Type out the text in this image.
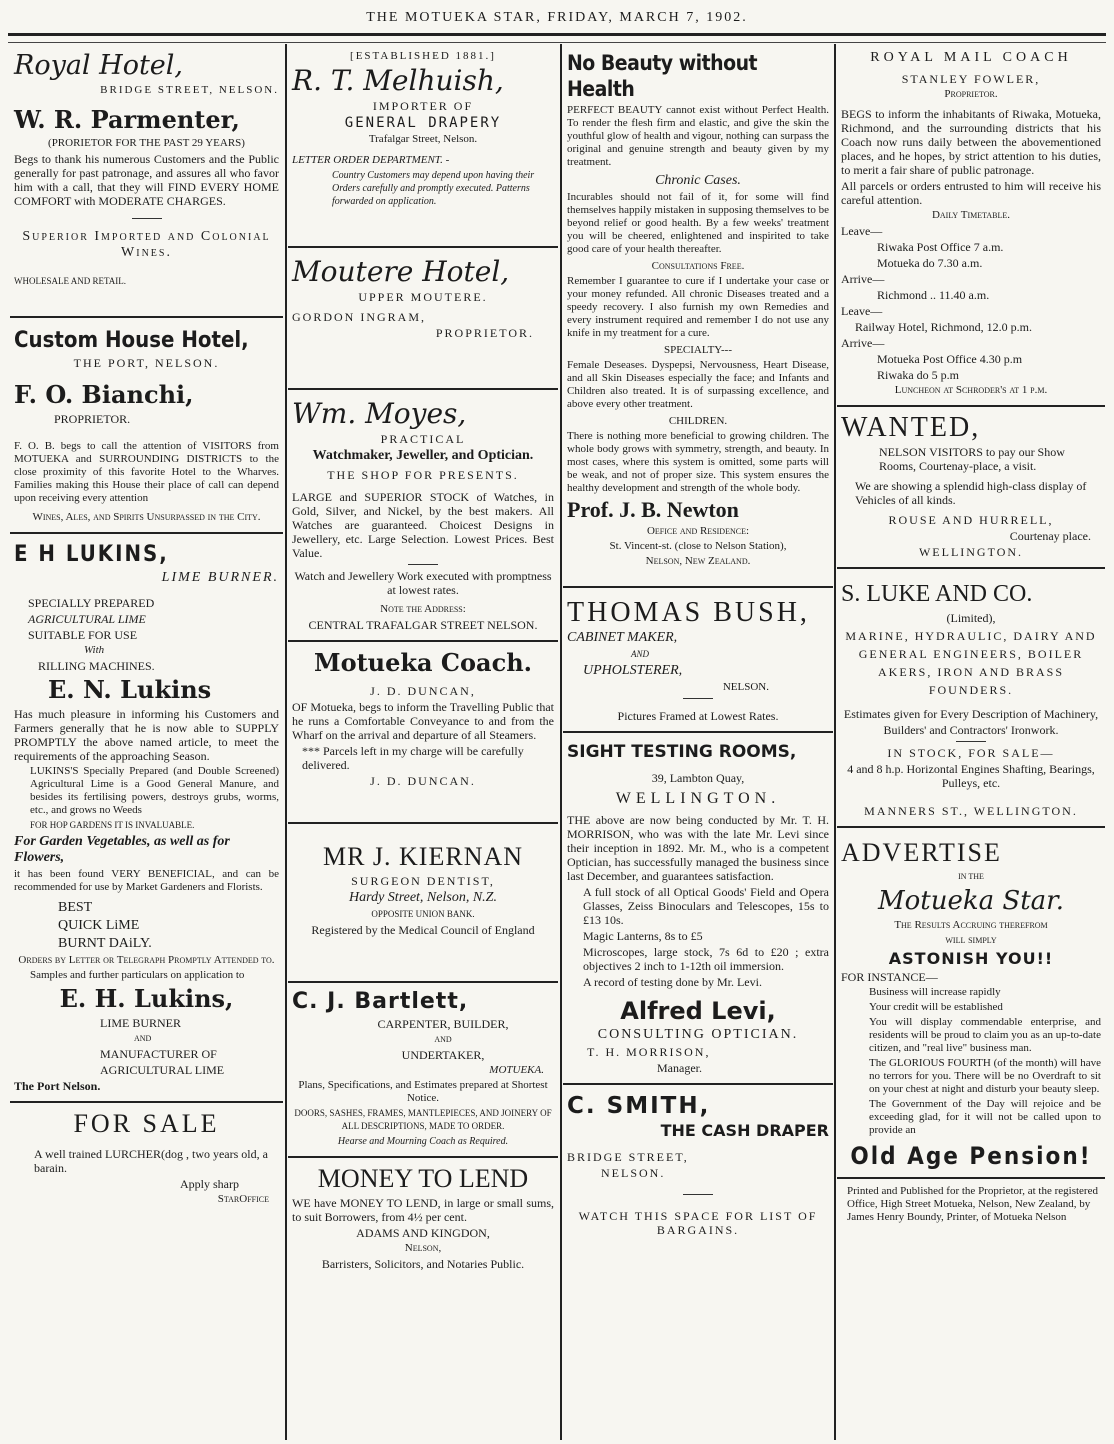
THE MOTUEKA STAR, FRIDAY, MARCH 7, 1902.

Royal Hotel,

BRIDGE STREET, NELSON.

W. R. Parmenter,

(PRORIETOR FOR THE PAST 29 YEARS)

Begs to thank his numerous Customers and the Public generally for past patronage, and assures all who favor him with a call, that they will FIND EVERY HOME COMFORT with MODERATE CHARGES.

Superior Imported and Colonial Wines.

WHOLESALE AND RETAIL.

Custom House Hotel,

THE PORT, NELSON.

F. O. Bianchi,

PROPRIETOR.

F. O. B. begs to call the attention of VISITORS from MOTUEKA and SURROUNDING DISTRICTS to the close proximity of this favorite Hotel to the Wharves. Families making this House their place of call can depend upon receiving every attention

Wines, Ales, and Spirits Unsurpassed in the City.

E H LUKINS,

LIME BURNER.

SPECIALLY PREPARED

AGRICULTURAL LIME

SUITABLE FOR USE

With

RILLING MACHINES.

E. N. Lukins

Has much pleasure in informing his Customers and Farmers generally that he is now able to SUPPLY PROMPTLY the above named article, to meet the requirements of the approaching Season.

LUKINS'S Specially Prepared (and Double Screened) Agricultural Lime is a Good General Manure, and besides its fertilising powers, destroys grubs, worms, etc., and grows no Weeds

FOR HOP GARDENS IT IS INVALUABLE.

For Garden Vegetables, as well as for Flowers,

it has been found VERY BENEFICIAL, and can be recommended for use by Market Gardeners and Florists.

BEST

QUICK LiME

BURNT DAiLY.

Orders by Letter or Telegraph Promptly Attended to.

Samples and further particulars on application to

E. H. Lukins,

LIME BURNER

AND

MANUFACTURER OF

AGRICULTURAL LIME

The Port Nelson.

FOR SALE

A well trained LURCHER(dog , two years old, a barain.

Apply sharp

StarOffice

[ESTABLISHED 1881.]

R. T. Melhuish,

IMPORTER OF

GENERAL DRAPERY

Trafalgar Street, Nelson.

LETTER ORDER DEPARTMENT. -

Country Customers may depend upon having their Orders carefully and promptly executed. Patterns forwarded on application.

Moutere Hotel,

UPPER MOUTERE.

GORDON INGRAM,

PROPRIETOR.

Wm. Moyes,

PRACTICAL

Watchmaker, Jeweller, and Optician.

THE SHOP FOR PRESENTS.

LARGE and SUPERIOR STOCK of Watches, in Gold, Silver, and Nickel, by the best makers. All Watches are guaranteed. Choicest Designs in Jewellery, etc. Large Selection. Lowest Prices. Best Value.

Watch and Jewellery Work executed with promptness at lowest rates.

Note the Address:

CENTRAL TRAFALGAR STREET NELSON.

Motueka Coach.

J. D. DUNCAN,

OF Motueka, begs to inform the Travelling Public that he runs a Comfortable Conveyance to and from the Wharf on the arrival and departure of all Steamers.

*** Parcels left in my charge will be carefully delivered.

J. D. DUNCAN.

MR J. KIERNAN

SURGEON DENTIST,

Hardy Street, Nelson, N.Z.

OPPOSITE UNION BANK.

Registered by the Medical Council of England

C. J. Bartlett,

CARPENTER, BUILDER,

AND

UNDERTAKER,

MOTUEKA.

Plans, Specifications, and Estimates prepared at Shortest Notice.

DOORS, SASHES, FRAMES, MANTLEPIECES, AND JOINERY OF ALL DESCRIPTIONS, MADE TO ORDER.

Hearse and Mourning Coach as Required.

MONEY TO LEND

WE have MONEY TO LEND, in large or small sums, to suit Borrowers, from 4½ per cent.

ADAMS AND KINGDON,

Nelson,

Barristers, Solicitors, and Notaries Public.

No Beauty without Health

PERFECT BEAUTY cannot exist without Perfect Health. To render the flesh firm and elastic, and give the skin the youthful glow of health and vigour, nothing can surpass the original and genuine strength and beauty given by my treatment.

Chronic Cases.

Incurables should not fail of it, for some will find themselves happily mistaken in supposing themselves to be beyond relief or good health. By a few weeks' treatment you will be cheered, enlightened and inspirited to take good care of your health thereafter.

Consultations Free.

Remember I guarantee to cure if I undertake your case or your money refunded. All chronic Diseases treated and a speedy recovery. I also furnish my own Remedies and every instrument required and remember I do not use any knife in my treatment for a cure.

SPECIALTY---

Female Deseases. Dyspepsi, Nervousness, Heart Disease, and all Skin Diseases especially the face; and Infants and Children also treated. It is of surpassing excellence, and above every other treatment.

CHILDREN.

There is nothing more beneficial to growing children. The whole body grows with symmetry, strength, and beauty. In most cases, where this system is omitted, some parts will be weak, and not of proper size. This system ensures the healthy development and strength of the whole body.

Prof. J. B. Newton

Oefice and Residence:

St. Vincent-st. (close to Nelson Station),

Nelson, New Zealand.

THOMAS BUSH,

CABINET MAKER,

AND

UPHOLSTERER,

NELSON.

Pictures Framed at Lowest Rates.

SIGHT TESTING ROOMS,

39, Lambton Quay,

WELLINGTON.

THE above are now being conducted by Mr. T. H. MORRISON, who was with the late Mr. Levi since their inception in 1892. Mr. M., who is a competent Optician, has successfully managed the business since last December, and guarantees satisfaction.

A full stock of all Optical Goods' Field and Opera Glasses, Zeiss Binoculars and Telescopes, 15s to £13 10s.

Magic Lanterns, 8s to £5

Microscopes, large stock, 7s 6d to £20 ; extra objectives 2 inch to 1-12th oil immersion.

A record of testing done by Mr. Levi.

Alfred Levi,

CONSULTING OPTICIAN.

T. H. MORRISON,

Manager.

C. SMITH,

THE CASH DRAPER

BRIDGE STREET,

NELSON.

WATCH THIS SPACE FOR LIST OF BARGAINS.

ROYAL MAIL COACH

STANLEY FOWLER,

Proprietor.

BEGS to inform the inhabitants of Riwaka, Motueka, Richmond, and the surrounding districts that his Coach now runs daily between the abovementioned places, and he hopes, by strict attention to his duties, to merit a fair share of public patronage.

All parcels or orders entrusted to him will receive his careful attention.

Daily Timetable.

Leave—

Riwaka Post Office 7 a.m.

Motueka do 7.30 a.m.

Arrive—

Richmond .. 11.40 a.m.

Leave—

Railway Hotel, Richmond, 12.0 p.m.

Arrive—

Motueka Post Office 4.30 p.m

Riwaka do 5 p.m

Luncheon at Schroder's at 1 p.m.

WANTED,

NELSON VISITORS to pay our Show Rooms, Courtenay-place, a visit.

We are showing a splendid high-class display of Vehicles of all kinds.

ROUSE AND HURRELL,

Courtenay place.

WELLINGTON.

S. LUKE AND CO.

(Limited),

MARINE, HYDRAULIC, DAIRY AND GENERAL ENGINEERS, BOILER AKERS, IRON AND BRASS FOUNDERS.

Estimates given for Every Description of Machinery,

Builders' and Contractors' Ironwork.

IN STOCK, FOR SALE—

4 and 8 h.p. Horizontal Engines Shafting, Bearings, Pulleys, etc.

MANNERS ST., WELLINGTON.

ADVERTISE

IN THE

Motueka Star.

The Results Accruing therefrom

will simply

ASTONISH YOU!!

FOR INSTANCE—

Business will increase rapidly

Your credit will be established

You will display commendable enterprise, and residents will be proud to claim you as an up-to-date citizen, and "real live" business man.

The GLORIOUS FOURTH (of the month) will have no terrors for you. There will be no Overdraft to sit on your chest at night and disturb your beauty sleep.

The Government of the Day will rejoice and be exceeding glad, for it will not be called upon to provide an

Old Age Pension!

Printed and Published for the Proprietor, at the registered Office, High Street Motueka, Nelson, New Zealand, by James Henry Boundy, Printer, of Motueka Nelson
